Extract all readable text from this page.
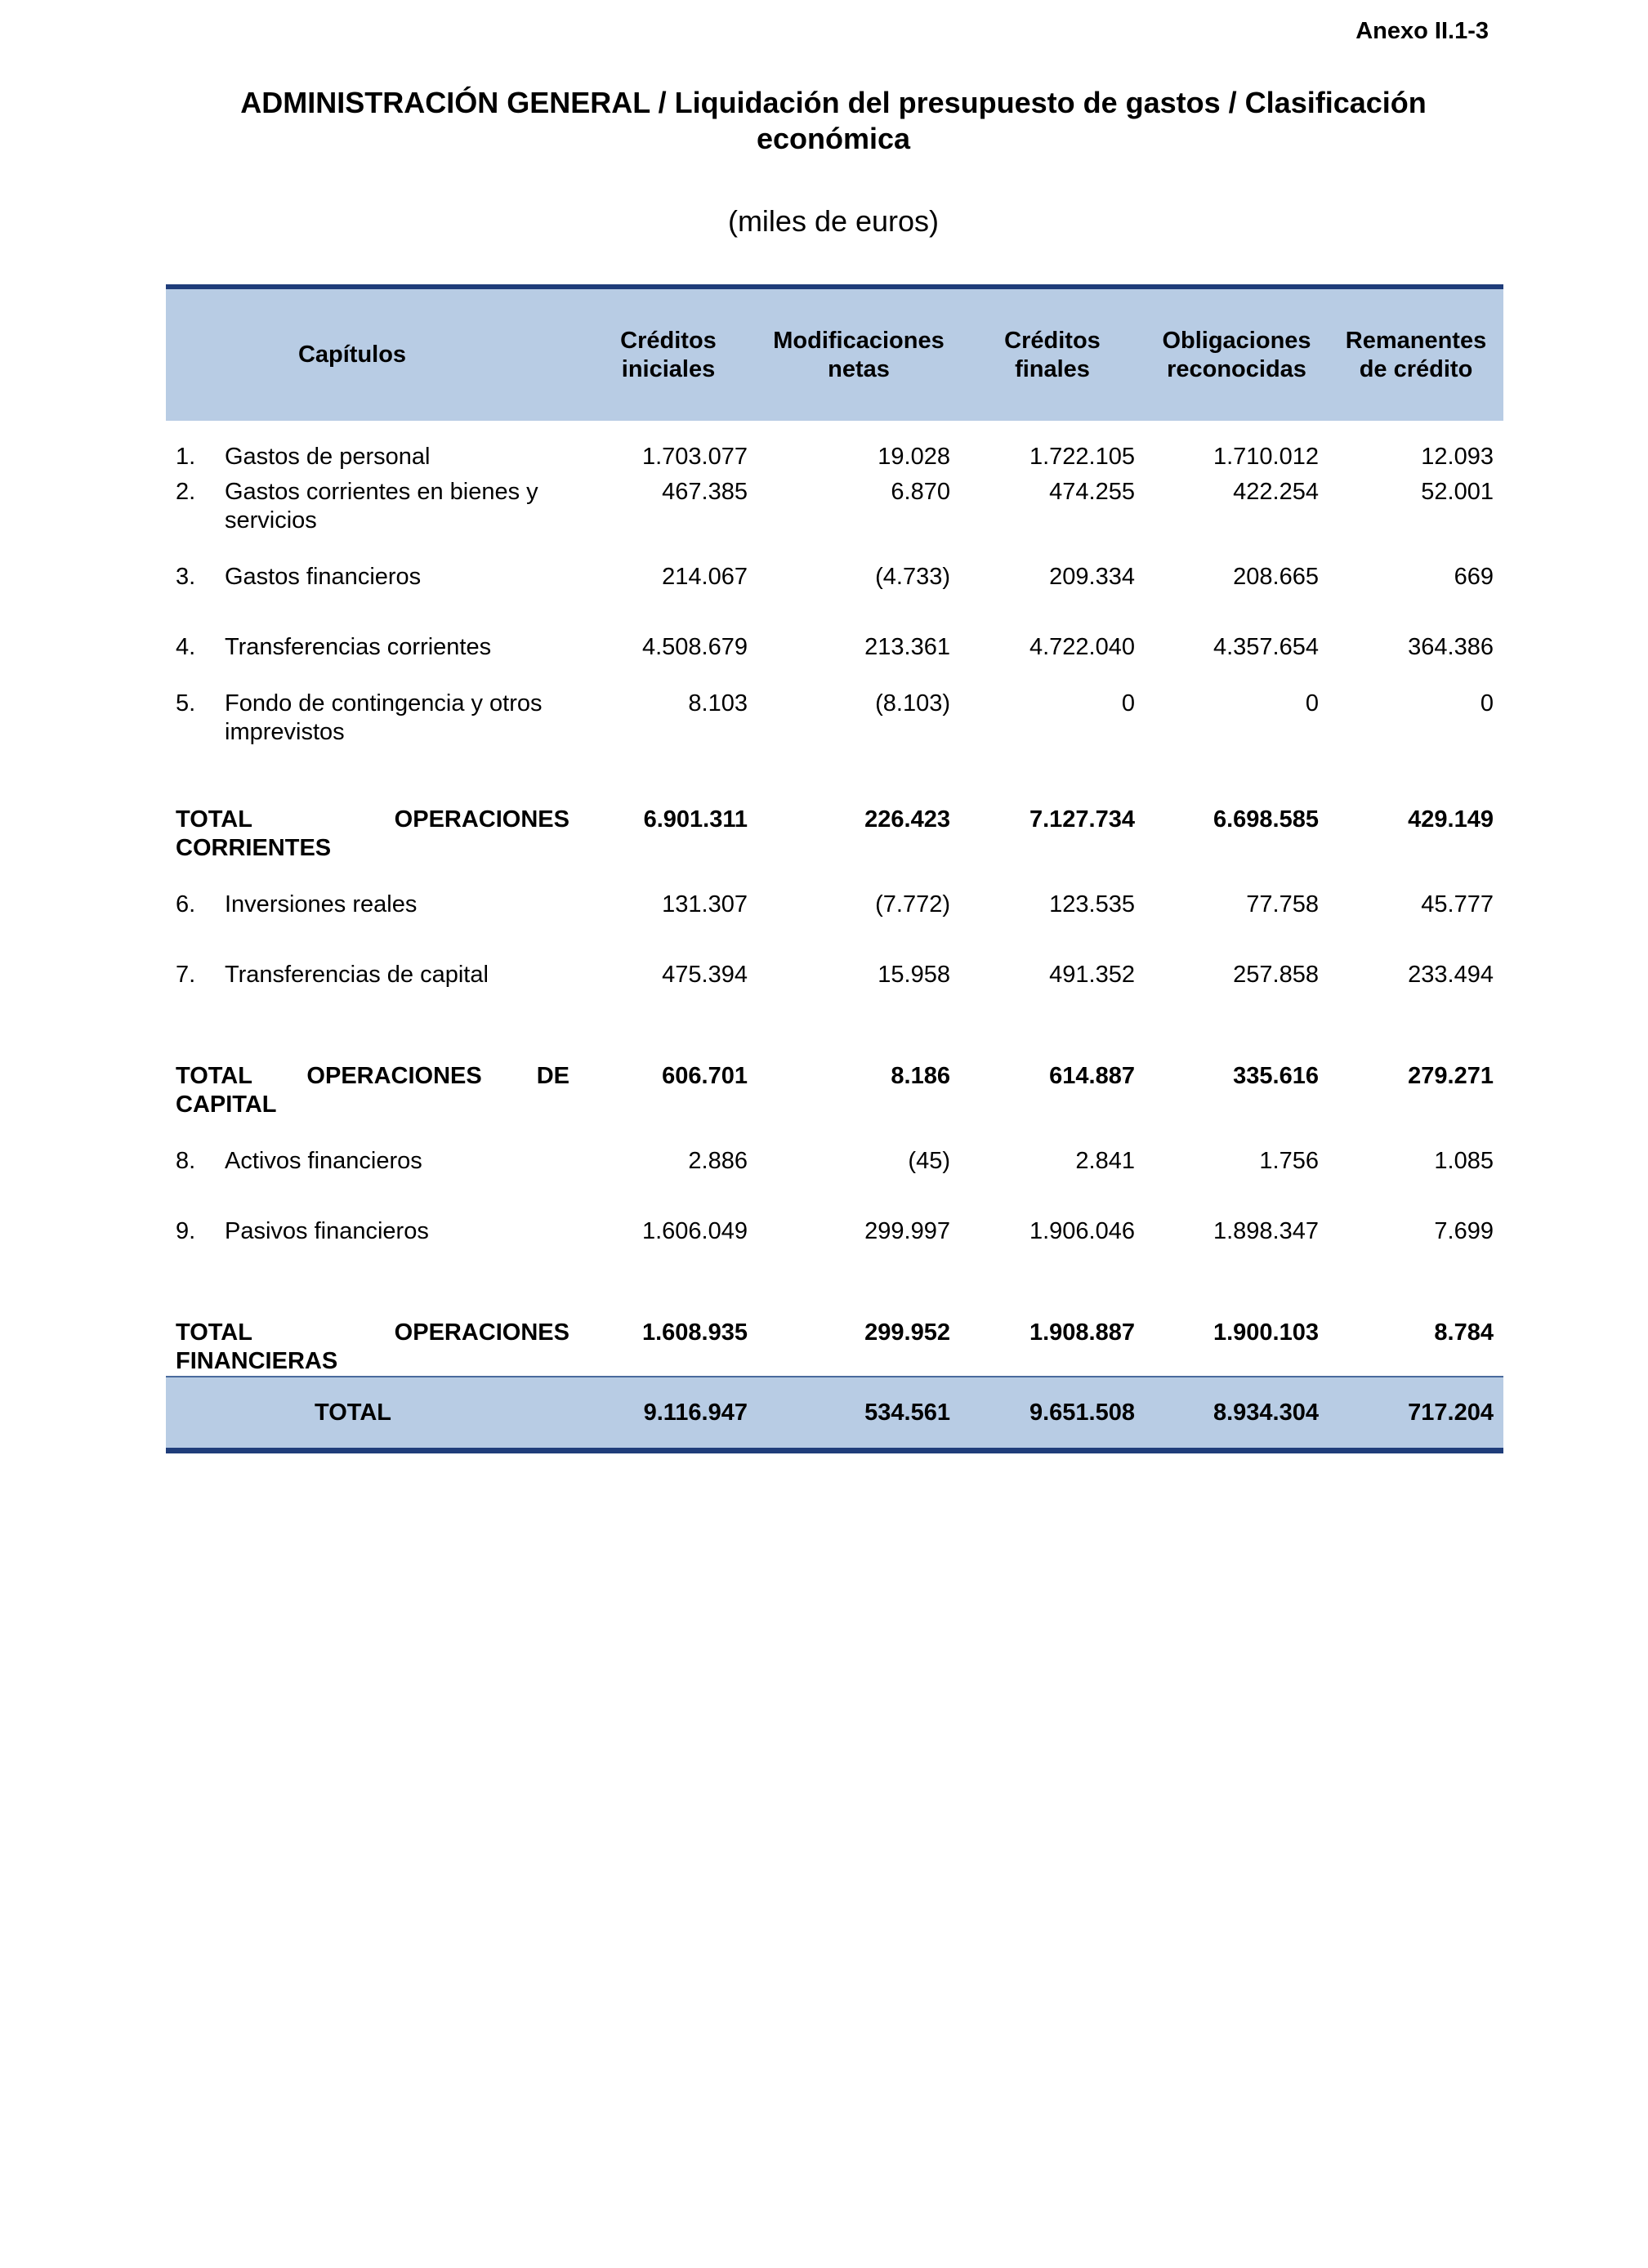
Anexo II.1-3
ADMINISTRACIÓN GENERAL / Liquidación del presupuesto de gastos / Clasificación económica
(miles de euros)
Capítulos	Créditos iniciales	Modificaciones netas	Créditos finales	Obligaciones reconocidas	Remanentes de crédito

1. Gastos de personal	1.703.077	19.028	1.722.105	1.710.012	12.093

2. Gastos corrientes en bienes y servicios	467.385	6.870	474.255	422.254	52.001

3. Gastos financieros	214.067	(4.733)	209.334	208.665	669

4. Transferencias corrientes	4.508.679	213.361	4.722.040	4.357.654	364.386

5. Fondo de contingencia y otros imprevistos	8.103	(8.103)	0	0	0
TOTAL OPERACIONES CORRIENTES	6.901.311	226.423	7.127.734	6.698.585	429.149

6. Inversiones reales	131.307	(7.772)	123.535	77.758	45.777

7. Transferencias de capital	475.394	15.958	491.352	257.858	233.494
TOTAL OPERACIONES DE CAPITAL	606.701	8.186	614.887	335.616	279.271

8. Activos financieros	2.886	(45)	2.841	1.756	1.085

9. Pasivos financieros	1.606.049	299.997	1.906.046	1.898.347	7.699
TOTAL OPERACIONES FINANCIERAS	1.608.935	299.952	1.908.887	1.900.103	8.784
TOTAL	9.116.947	534.561	9.651.508	8.934.304	717.204
